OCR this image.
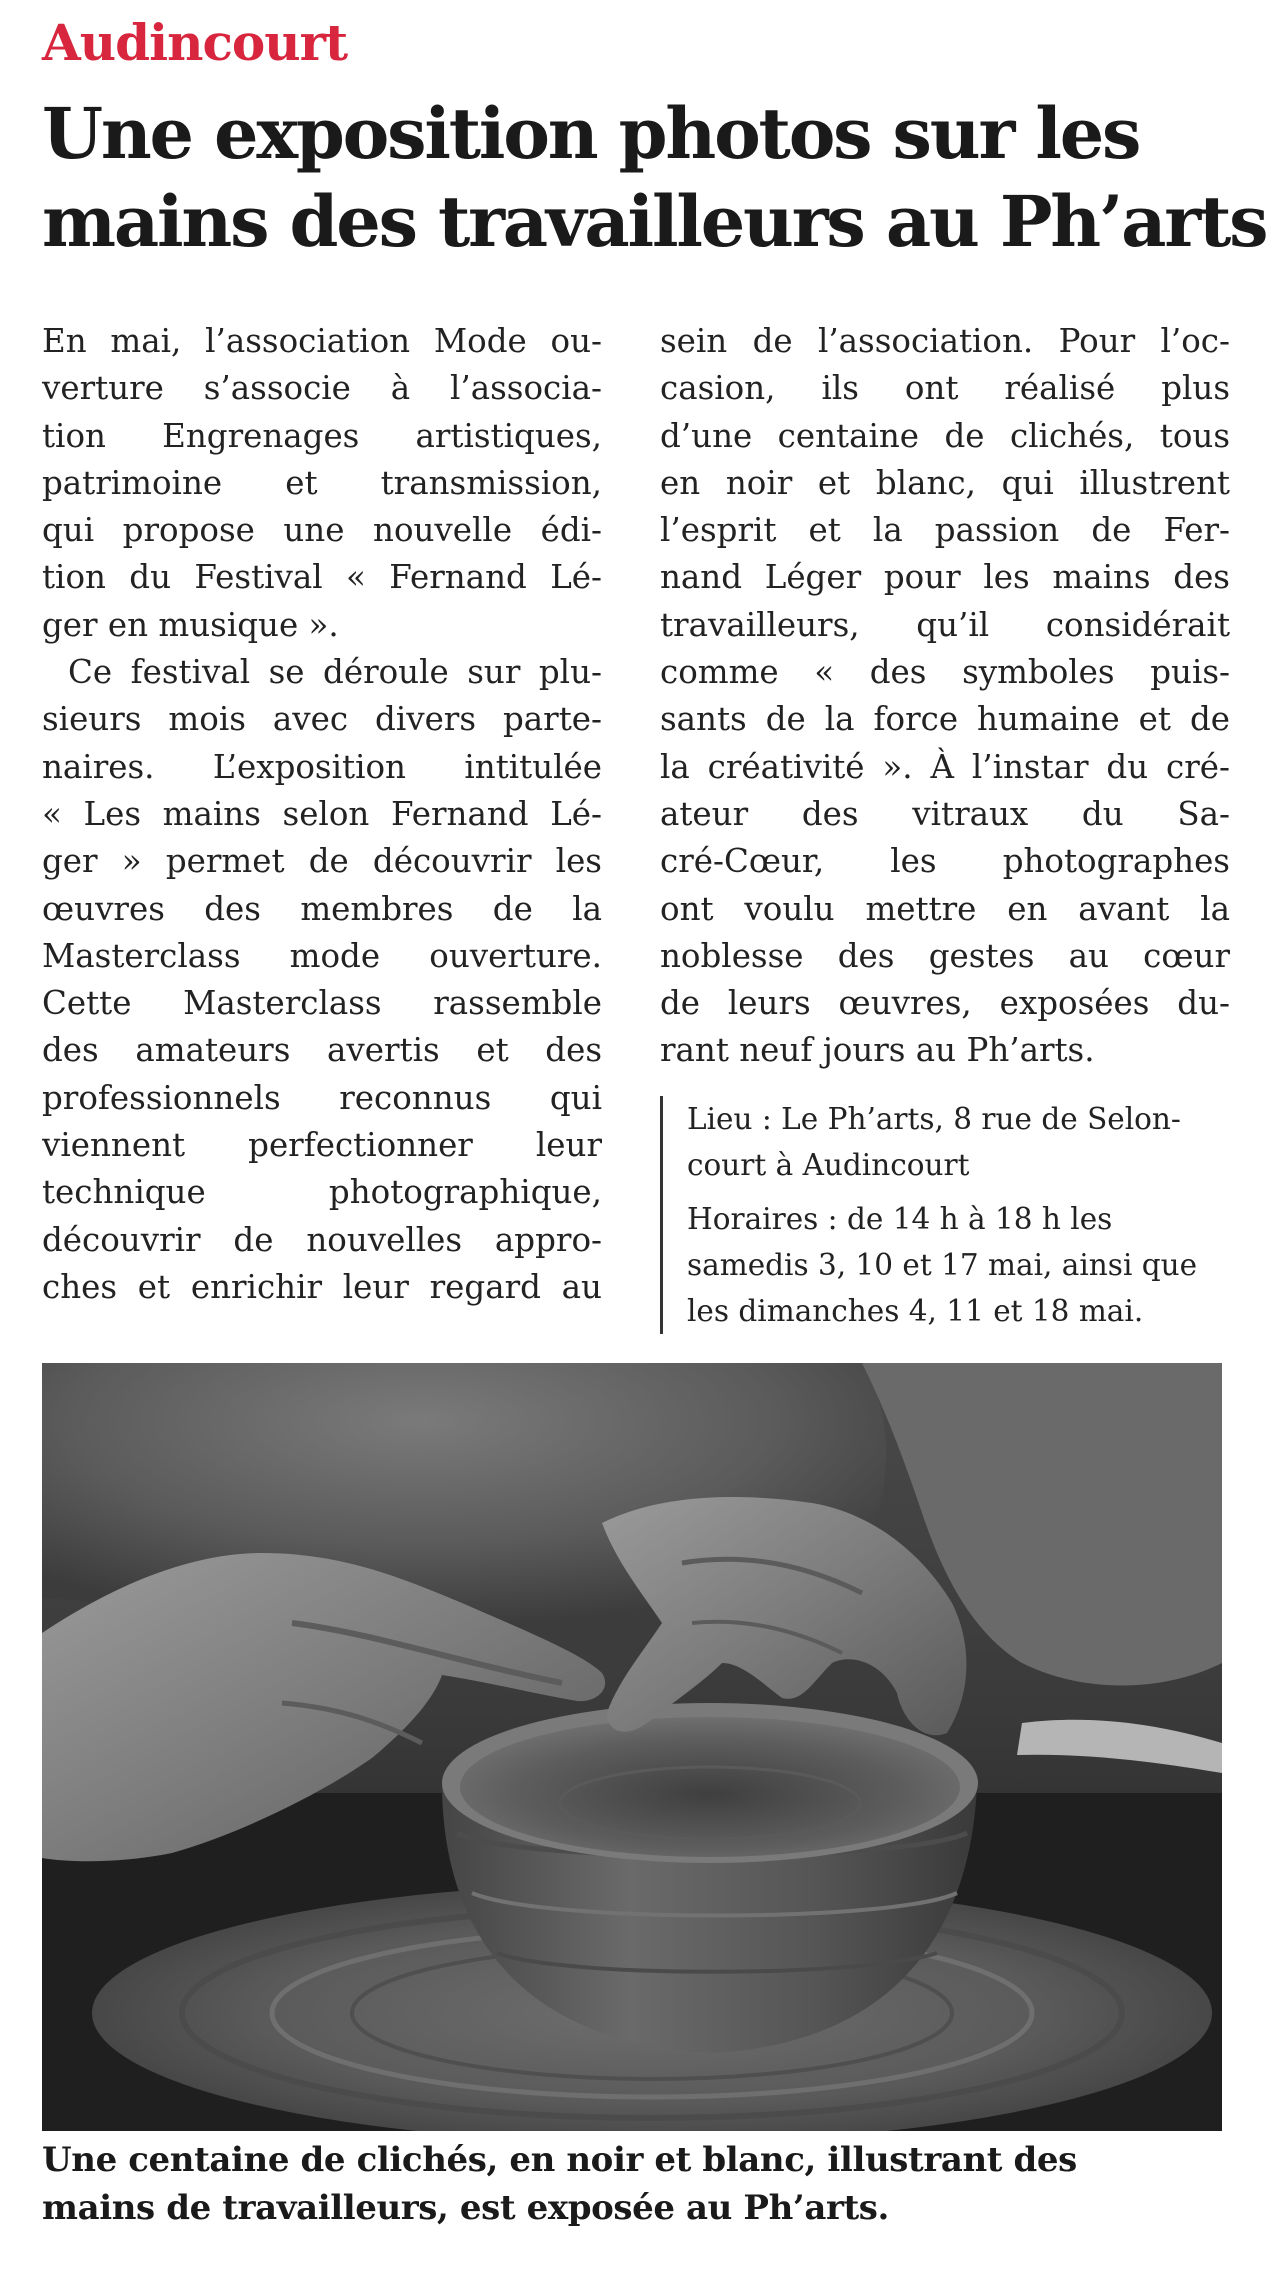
Audincourt
Une exposition photos sur les
mains des travailleurs au Ph’arts
En mai, l’association Mode ou-
verture s’associe à l’associa-
tion Engrenages artistiques,
patrimoine et transmission,
qui propose une nouvelle édi-
tion du Festival « Fernand Lé-
ger en musique ».
Ce festival se déroule sur plu-
sieurs mois avec divers parte-
naires. L’exposition intitulée
« Les mains selon Fernand Lé-
ger » permet de découvrir les
œuvres des membres de la
Masterclass mode ouverture.
Cette Masterclass rassemble
des amateurs avertis et des
professionnels reconnus qui
viennent perfectionner leur
technique photographique,
découvrir de nouvelles appro-
ches et enrichir leur regard au
sein de l’association. Pour l’oc-
casion, ils ont réalisé plus
d’une centaine de clichés, tous
en noir et blanc, qui illustrent
l’esprit et la passion de Fer-
nand Léger pour les mains des
travailleurs, qu’il considérait
comme « des symboles puis-
sants de la force humaine et de
la créativité ». À l’instar du cré-
ateur des vitraux du Sa-
cré-Cœur, les photographes
ont voulu mettre en avant la
noblesse des gestes au cœur
de leurs œuvres, exposées du-
rant neuf jours au Ph’arts.
Lieu : Le Ph’arts, 8 rue de Selon-
court à Audincourt
Horaires : de 14 h à 18 h les
samedis 3, 10 et 17 mai, ainsi que
les dimanches 4, 11 et 18 mai.
Une centaine de clichés, en noir et blanc, illustrant des
mains de travailleurs, est exposée au Ph’arts.
